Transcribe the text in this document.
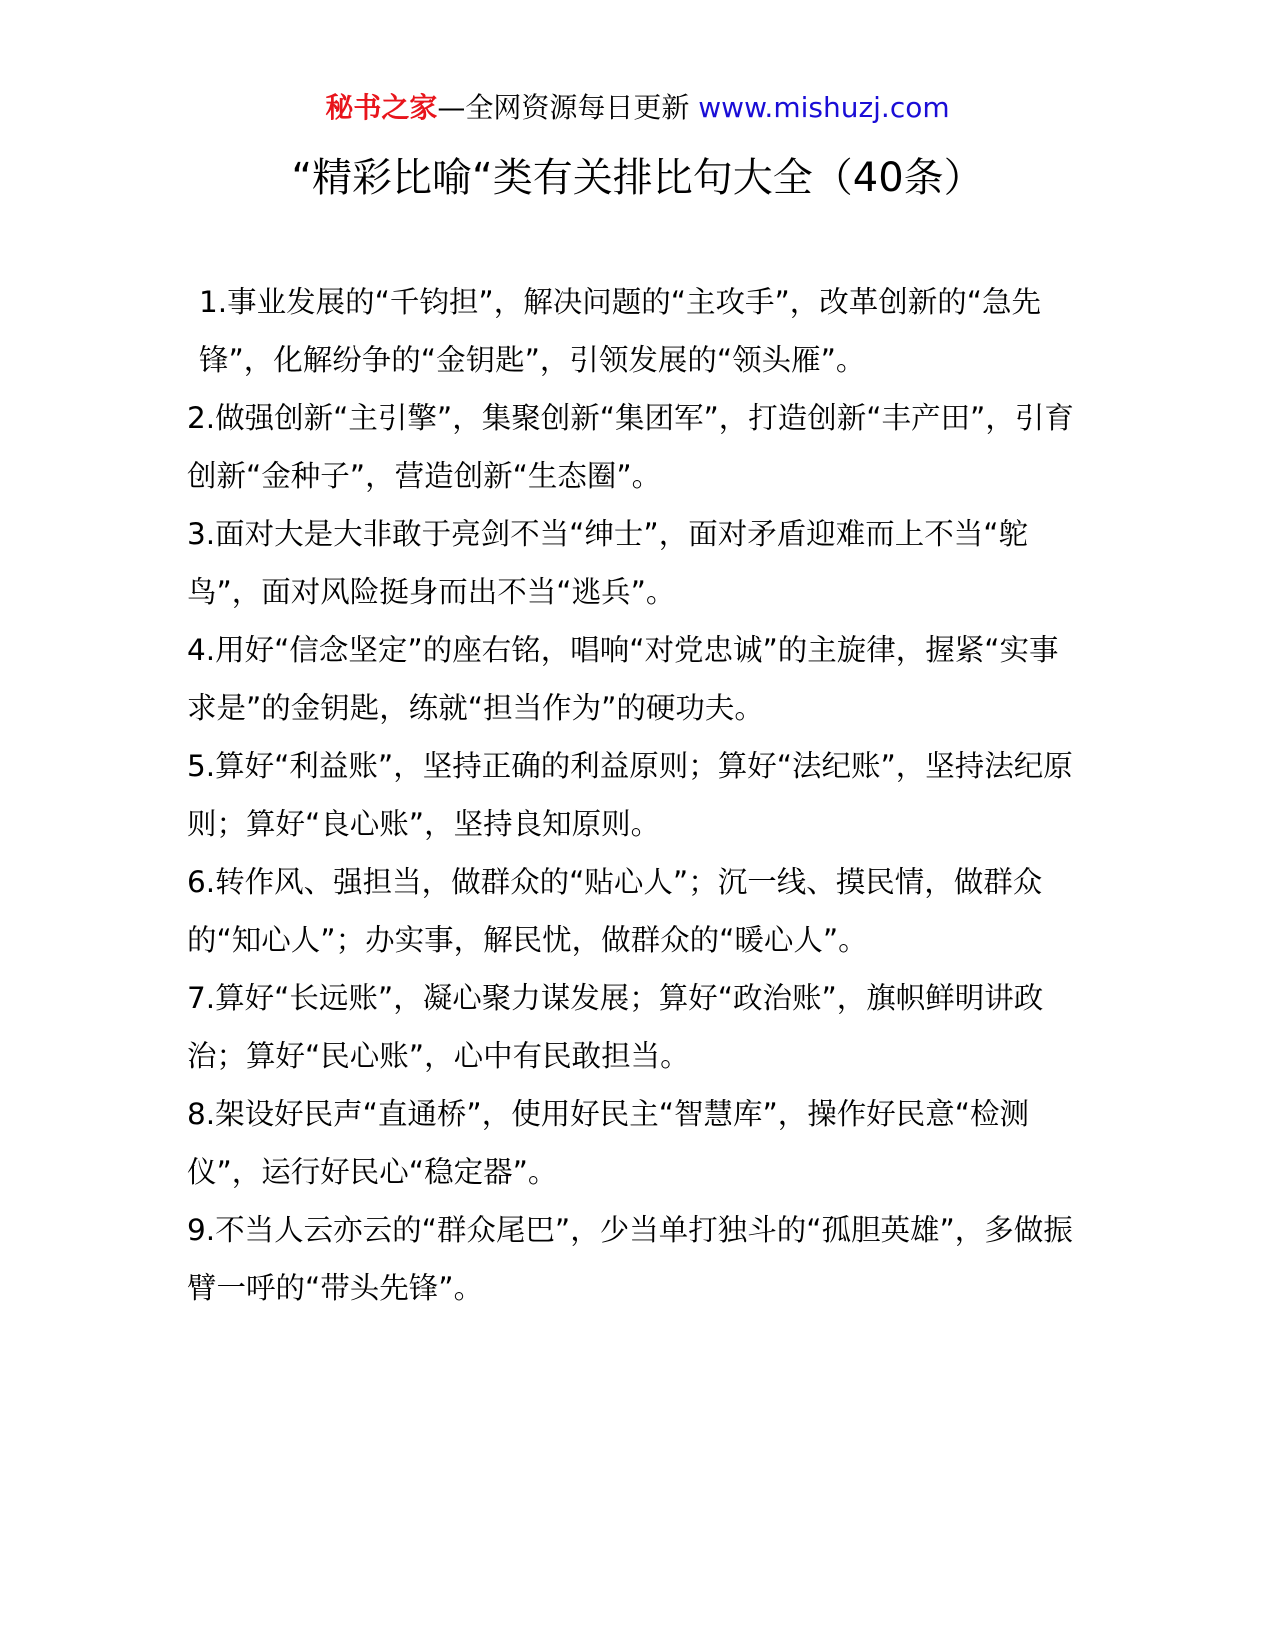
秘书之家—全网资源每日更新 www.mishuzj.com
“精彩比喻“类有关排比句大全（40条）
1.事业发展的“千钧担”，解决问题的“主攻手”，改革创新的“急先锋”，化解纷争的“金钥匙”，引领发展的“领头雁”。
2.做强创新“主引擎”，集聚创新“集团军”，打造创新“丰产田”，引育创新“金种子”，营造创新“生态圈”。
3.面对大是大非敢于亮剑不当“绅士”，面对矛盾迎难而上不当“鸵鸟”，面对风险挺身而出不当“逃兵”。
4.用好“信念坚定”的座右铭，唱响“对党忠诚”的主旋律，握紧“实事求是”的金钥匙，练就“担当作为”的硬功夫。
5.算好“利益账”，坚持正确的利益原则；算好“法纪账”，坚持法纪原则；算好“良心账”，坚持良知原则。
6.转作风、强担当，做群众的“贴心人”；沉一线、摸民情，做群众的“知心人”；办实事，解民忧，做群众的“暖心人”。
7.算好“长远账”，凝心聚力谋发展；算好“政治账”，旗帜鲜明讲政治；算好“民心账”，心中有民敢担当。
8.架设好民声“直通桥”，使用好民主“智慧库”，操作好民意“检测仪”，运行好民心“稳定器”。
9.不当人云亦云的“群众尾巴”，少当单打独斗的“孤胆英雄”，多做振臂一呼的“带头先锋”。
